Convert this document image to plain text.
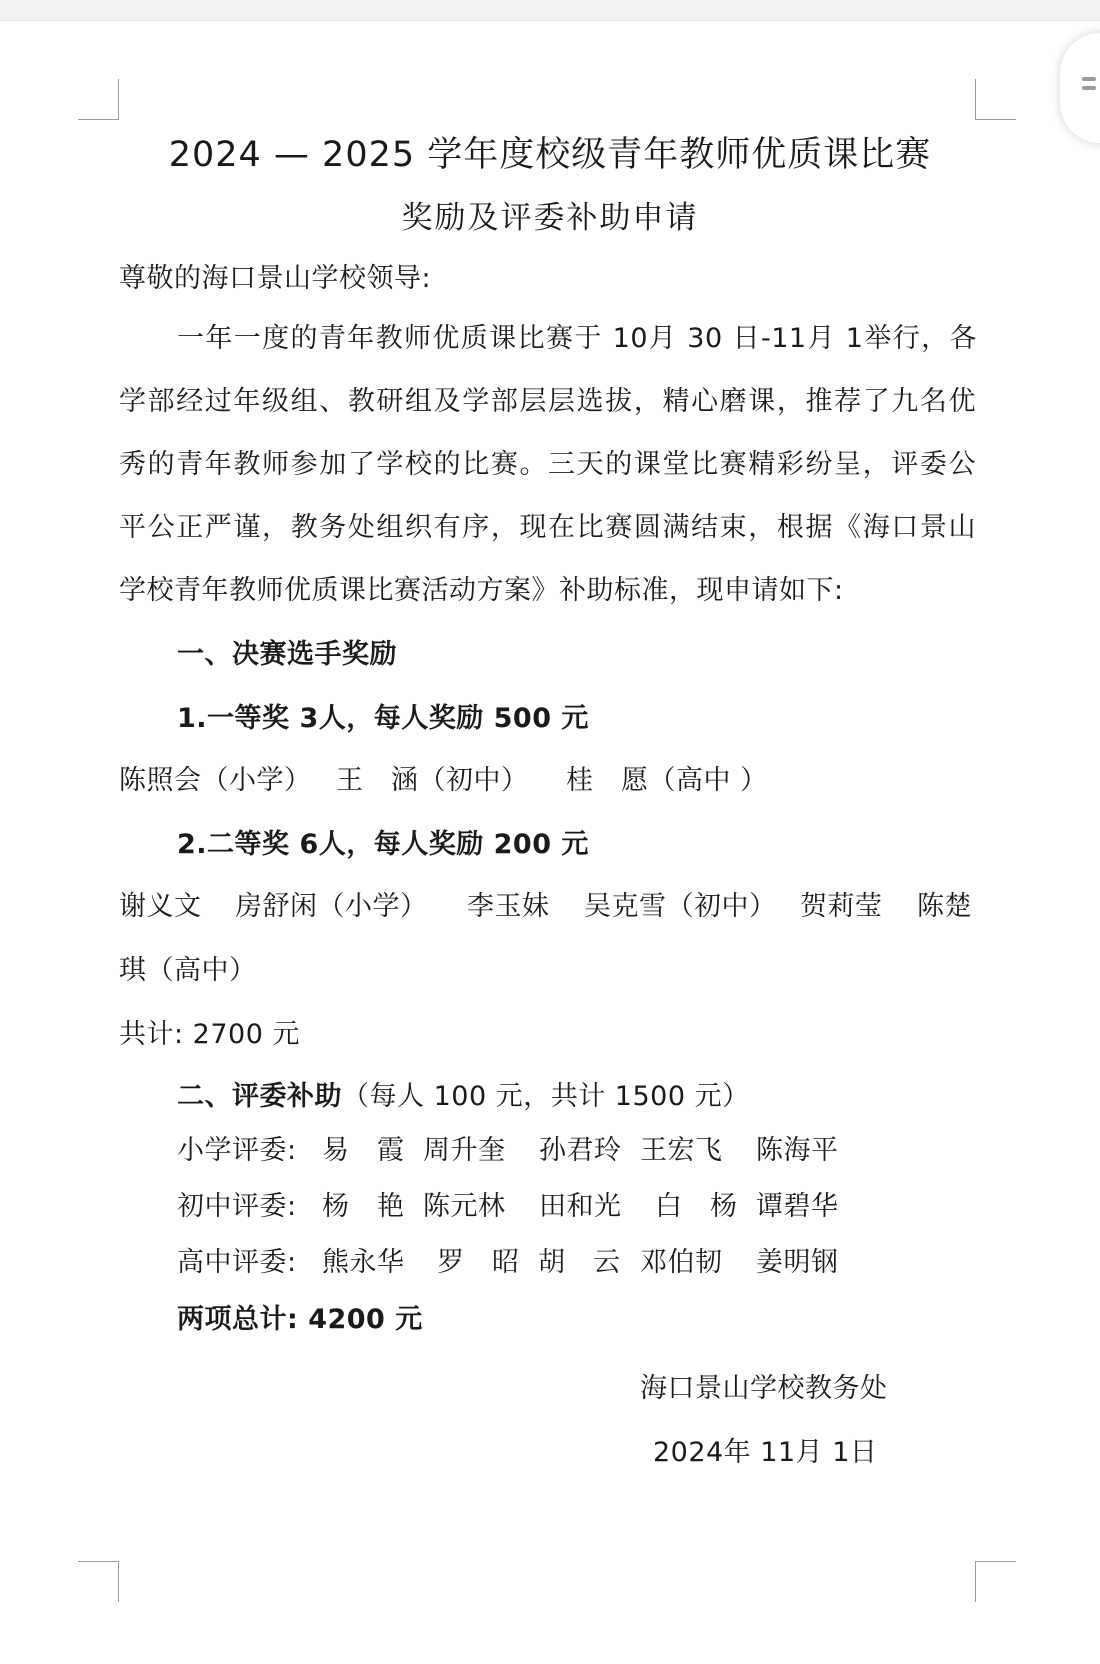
2024 — 2025 学年度校级青年教师优质课比赛
奖励及评委补助申请
尊敬的海口景山学校领导:
一年一度的青年教师优质课比赛于 10月 30 日-11月 1举行，各
学部经过年级组、教研组及学部层层选拔，精心磨课，推荐了九名优
秀的青年教师参加了学校的比赛。三天的课堂比赛精彩纷呈，评委公
平公正严谨，教务处组织有序，现在比赛圆满结束，根据《海口景山
学校青年教师优质课比赛活动方案》补助标准，现申请如下:
一、决赛选手奖励
1.一等奖 3人，每人奖励 500 元
陈照会（小学） 王　涵（初中） 桂　愿（高中 ）
2.二等奖 6人，每人奖励 200 元
谢义文 房舒闲（小学） 李玉妹 吴克雪（初中） 贺莉莹 陈楚
琪（高中）
共计: 2700 元
二、评委补助（每人 100 元，共计 1500 元）
小学评委: 易　霞 周升奎 孙君玲 王宏飞 陈海平
初中评委: 杨　艳 陈元林 田和光 白　杨 谭碧华
高中评委: 熊永华 罗　昭 胡　云 邓伯韧 姜明钢
两项总计: 4200 元
海口景山学校教务处
2024年 11月 1日
